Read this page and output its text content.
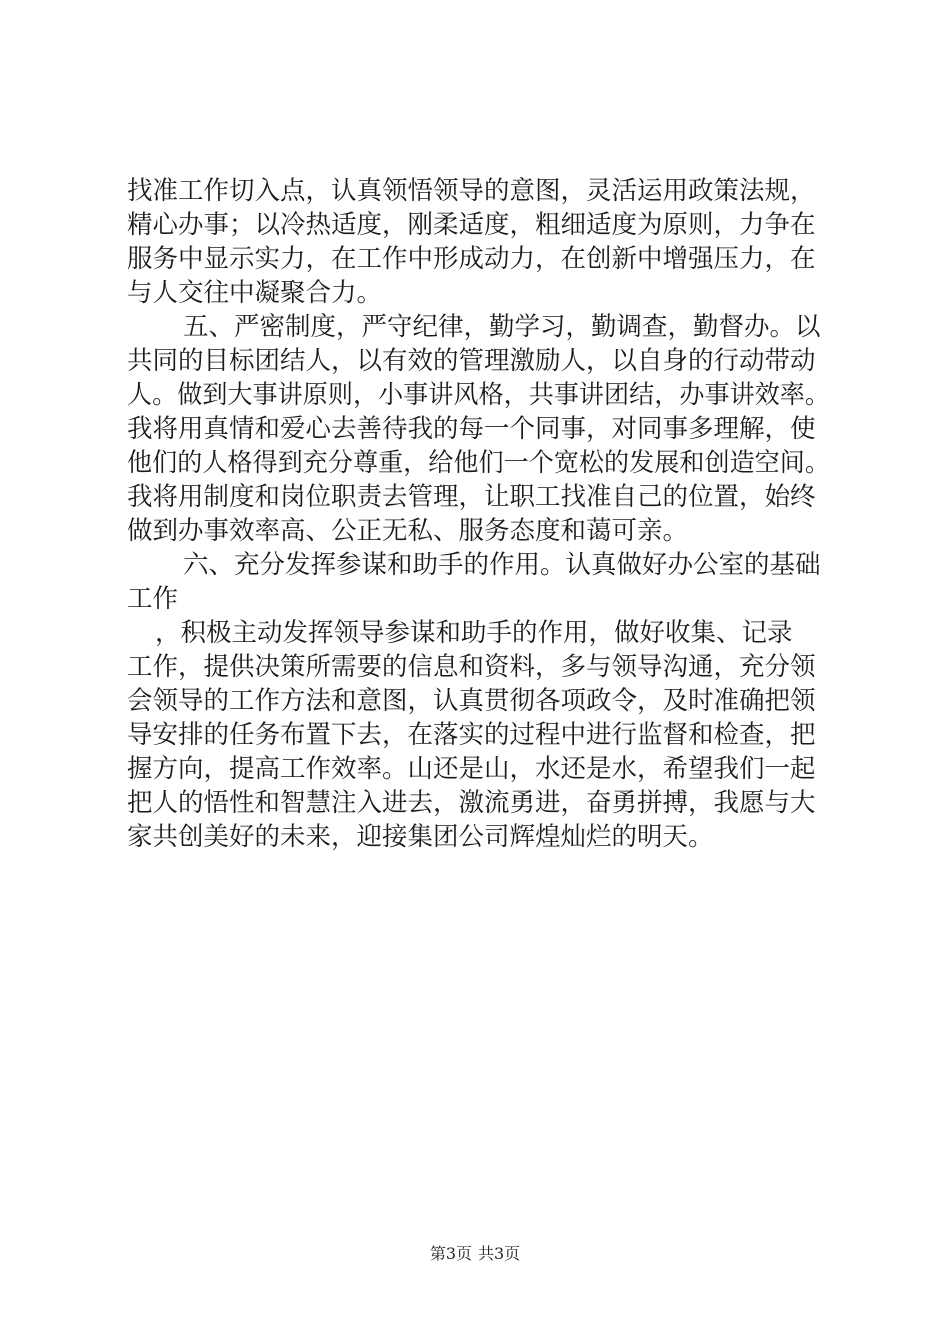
找准工作切入点，认真领悟领导的意图，灵活运用政策法规，
精心办事；以冷热适度，刚柔适度，粗细适度为原则，力争在
服务中显示实力，在工作中形成动力，在创新中增强压力，在
与人交往中凝聚合力。
五、严密制度，严守纪律，勤学习，勤调查，勤督办。以
共同的目标团结人，以有效的管理激励人，以自身的行动带动
人。做到大事讲原则，小事讲风格，共事讲团结，办事讲效率。
我将用真情和爱心去善待我的每一个同事，对同事多理解，使
他们的人格得到充分尊重，给他们一个宽松的发展和创造空间。
我将用制度和岗位职责去管理，让职工找准自己的位置，始终
做到办事效率高、公正无私、服务态度和蔼可亲。
六、充分发挥参谋和助手的作用。认真做好办公室的基础
工作
，积极主动发挥领导参谋和助手的作用，做好收集、记录
工作，提供决策所需要的信息和资料，多与领导沟通，充分领
会领导的工作方法和意图，认真贯彻各项政令，及时准确把领
导安排的任务布置下去，在落实的过程中进行监督和检查，把
握方向，提高工作效率。山还是山，水还是水，希望我们一起
把人的悟性和智慧注入进去，激流勇进，奋勇拼搏，我愿与大
家共创美好的未来，迎接集团公司辉煌灿烂的明天。
第3页 共3页
